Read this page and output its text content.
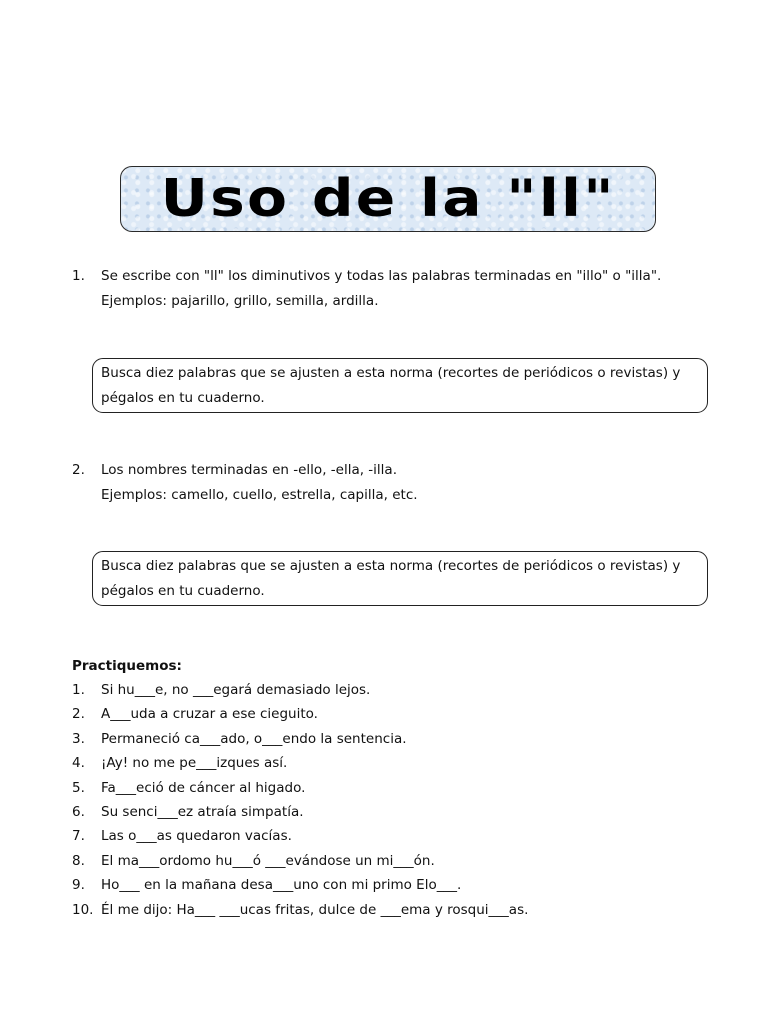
Uso de la "ll"
1.	Se escribe con "ll" los diminutivos y todas las palabras terminadas en "illo" o "illa".
Ejemplos: pajarillo, grillo, semilla, ardilla.
Busca diez palabras que se ajusten a esta norma (recortes de periódicos o revistas) y pégalos en tu cuaderno.
2.	Los nombres terminadas en -ello, -ella, -illa.
Ejemplos: camello, cuello, estrella, capilla, etc.
Busca diez palabras que se ajusten a esta norma (recortes de periódicos o revistas) y pégalos en tu cuaderno.
Practiquemos:
1.	Si hu___e, no ___egará demasiado lejos.
2.	A___uda a cruzar a ese cieguito.
3.	Permaneció ca___ado, o___endo la sentencia.
4.	¡Ay! no me pe___izques así.
5.	Fa___eció de cáncer al higado.
6.	Su senci___ez atraía simpatía.
7.	Las o___as quedaron vacías.
8.	El ma___ordomo hu___ó ___evándose un mi___ón.
9.	Ho___ en la mañana desa___uno con mi primo Elo___.
10. Él me dijo: Ha___ ___ucas fritas, dulce de ___ema y rosqui___as.
